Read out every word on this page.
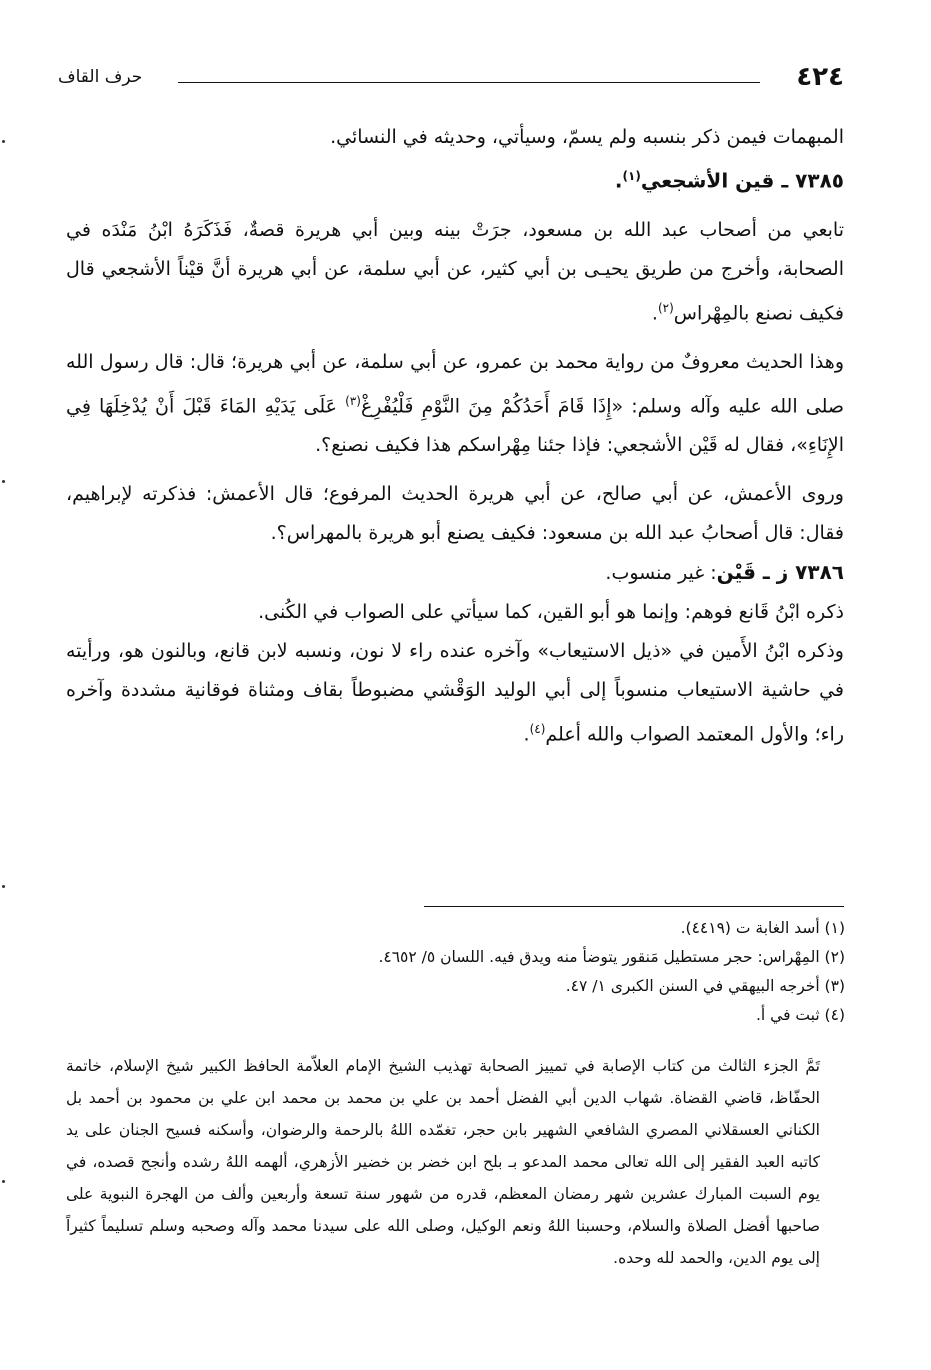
٤٢٤
حرف القاف

المبهمات فيمن ذكر بنسبه ولم يسمّ، وسيأتي، وحديثه في النسائي.

٧٣٨٥ ـ قين الأشجعي$^{(١)}$.

تابعي من أصحاب عبد الله بن مسعود، جرَتْ بينه وبين أبي هريرة قصةٌ، فَذَكَرَهُ ابْنُ مَنْدَه في الصحابة، وأخرج من طريق يحيـى بن أبي كثير، عن أبي سلمة، عن أبي هريرة أنَّ قيْناً الأشجعي قال فكيف نصنع بالمِهْراس$^{(٢)}$.

وهذا الحديث معروفٌ من رواية محمد بن عمرو، عن أبي سلمة، عن أبي هريرة؛ قال: قال رسول الله صلى الله عليه وآله وسلم: «إِذَا قَامَ أَحَدُكُمْ مِنَ النَّوْمِ فَلْيُفْرِغْ$^{(٣)}$ عَلَى يَدَيْهِ المَاءَ قَبْلَ أَنْ يُدْخِلَهَا فِي الإِنَاءِ»، فقال له قَيْن الأشجعي: فإذا جئنا مِهْراسكم هذا فكيف نصنع؟.

وروى الأعمش، عن أبي صالح، عن أبي هريرة الحديث المرفوع؛ قال الأعمش: فذكرته لإبراهيم، فقال: قال أصحابُ عبد الله بن مسعود: فكيف يصنع أبو هريرة بالمهراس؟.

٧٣٨٦ ز ـ قَيْن: غير منسوب.

ذكره ابْنُ قَانع فوهم: وإنما هو أبو القين، كما سيأتي على الصواب في الكُنى.

وذكره ابْنُ الأَمين في «ذيل الاستيعاب» وآخره عنده راء لا نون، ونسبه لابن قانع، وبالنون هو، ورأيته في حاشية الاستيعاب منسوباً إلى أبي الوليد الوَقْشي مضبوطاً بقاف ومثناة فوقانية مشددة وآخره راء؛ والأول المعتمد الصواب والله أعلم$^{(٤)}$.

(١) أسد الغابة ت (٤٤١٩).
(٢) المِهْراس: حجر مستطيل مَنقور يتوضأ منه ويدق فيه. اللسان ٥/ ٤٦٥٢.
(٣) أخرجه البيهقي في السنن الكبرى ١/ ٤٧.
(٤) ثبت في أ.
تَمَّ الجزء الثالث من كتاب الإصابة في تمييز الصحابة تهذيب الشيخ الإمام العلاّمة الحافظ الكبير شيخ الإسلام، خاتمة الحفّاظ، قاضي القضاة. شهاب الدين أبي الفضل أحمد بن علي بن محمد بن محمد ابن علي بن محمود بن أحمد بل الكناني العسقلاني المصري الشافعي الشهير بابن حجر، تغمّده اللهُ بالرحمة والرضوان، وأسكنه فسيح الجنان على يد كاتبه العبد الفقير إلى الله تعالى محمد المدعو بـ بلح ابن خضر بن خضير الأزهري، ألهمه اللهُ رشده وأنجح قصده، في يوم السبت المبارك عشرين شهر رمضان المعظم، قدره من شهور سنة تسعة وأربعين وألف من الهجرة النبوية على صاحبها أفضل الصلاة والسلام، وحسبنا اللهُ ونعم الوكيل، وصلى الله على سيدنا محمد وآله وصحبه وسلم تسليماً كثيراً إلى يوم الدين، والحمد لله وحده.
